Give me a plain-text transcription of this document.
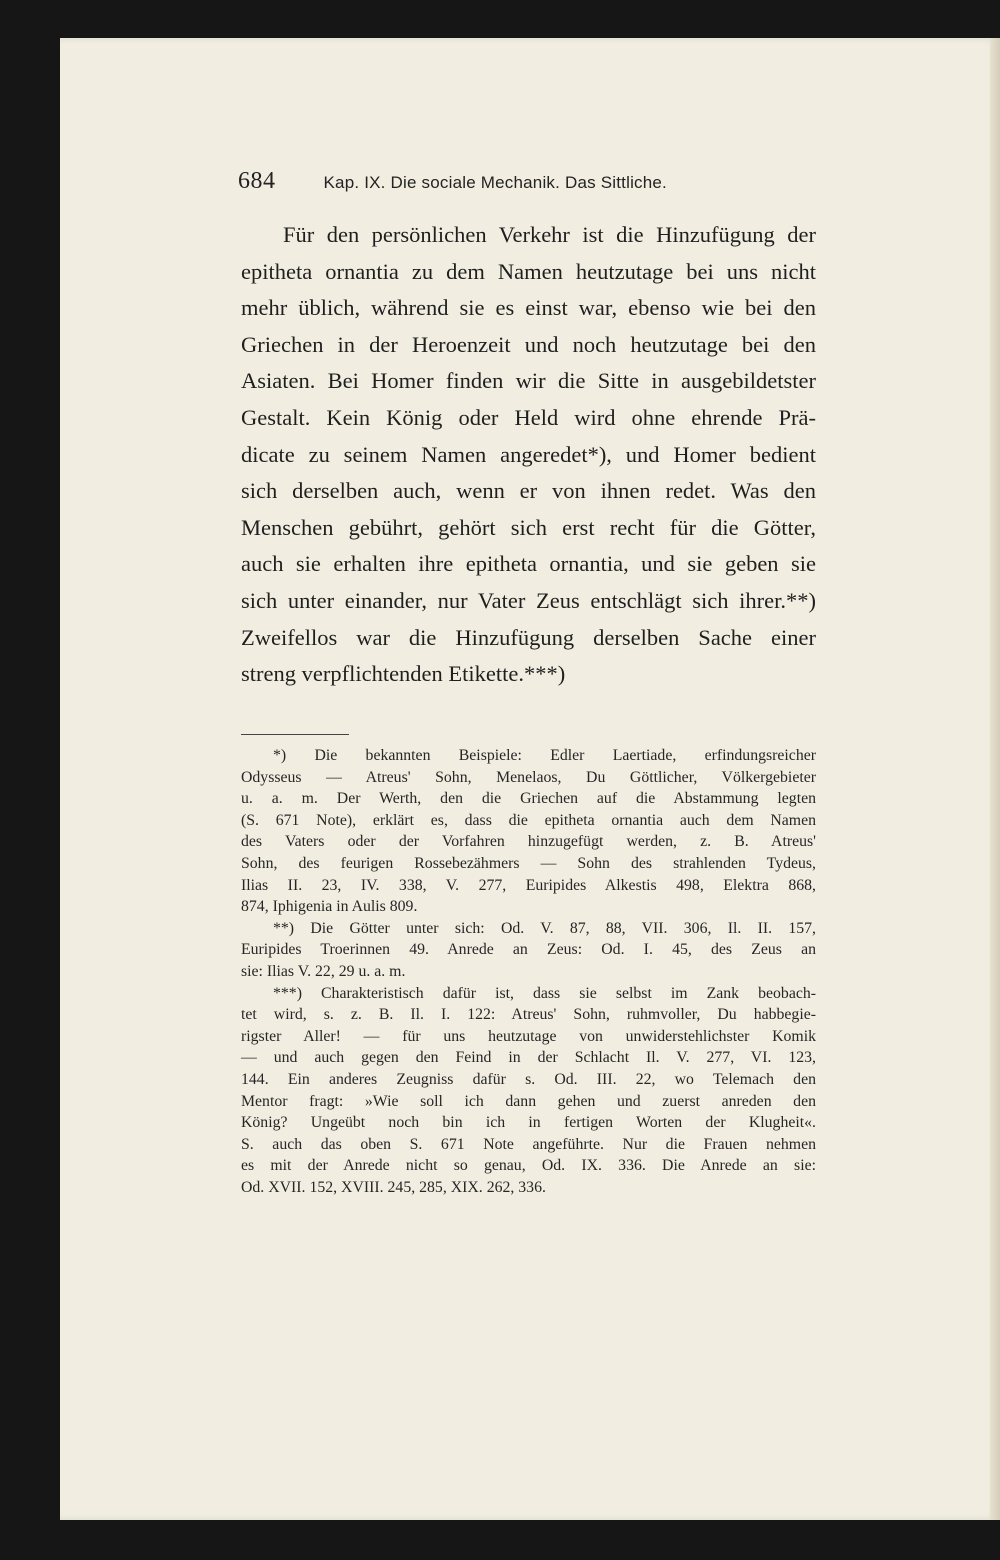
684	Kap. IX. Die sociale Mechanik. Das Sittliche.
Für den persönlichen Verkehr ist die Hinzufügung der
epitheta ornantia zu dem Namen heutzutage bei uns nicht
mehr üblich, während sie es einst war, ebenso wie bei den
Griechen in der Heroenzeit und noch heutzutage bei den
Asiaten. Bei Homer finden wir die Sitte in ausgebildetster
Gestalt. Kein König oder Held wird ohne ehrende Prä-
dicate zu seinem Namen angeredet*), und Homer bedient
sich derselben auch, wenn er von ihnen redet. Was den
Menschen gebührt, gehört sich erst recht für die Götter,
auch sie erhalten ihre epitheta ornantia, und sie geben sie
sich unter einander, nur Vater Zeus entschlägt sich ihrer.**)
Zweifellos war die Hinzufügung derselben Sache einer
streng verpflichtenden Etikette.***)
*) Die bekannten Beispiele: Edler Laertiade, erfindungsreicher
Odysseus — Atreus' Sohn, Menelaos, Du Göttlicher, Völkergebieter
u. a. m. Der Werth, den die Griechen auf die Abstammung legten
(S. 671 Note), erklärt es, dass die epitheta ornantia auch dem Namen
des Vaters oder der Vorfahren hinzugefügt werden, z. B. Atreus'
Sohn, des feurigen Rossebezähmers — Sohn des strahlenden Tydeus,
Ilias II. 23, IV. 338, V. 277, Euripides Alkestis 498, Elektra 868,
874, Iphigenia in Aulis 809.
**) Die Götter unter sich: Od. V. 87, 88, VII. 306, Il. II. 157,
Euripides Troerinnen 49. Anrede an Zeus: Od. I. 45, des Zeus an
sie: Ilias V. 22, 29 u. a. m.
***) Charakteristisch dafür ist, dass sie selbst im Zank beobach-
tet wird, s. z. B. Il. I. 122: Atreus' Sohn, ruhmvoller, Du habbegie-
rigster Aller! — für uns heutzutage von unwiderstehlichster Komik
— und auch gegen den Feind in der Schlacht Il. V. 277, VI. 123,
144. Ein anderes Zeugniss dafür s. Od. III. 22, wo Telemach den
Mentor fragt: »Wie soll ich dann gehen und zuerst anreden den
König? Ungeübt noch bin ich in fertigen Worten der Klugheit«.
S. auch das oben S. 671 Note angeführte. Nur die Frauen nehmen
es mit der Anrede nicht so genau, Od. IX. 336. Die Anrede an sie:
Od. XVII. 152, XVIII. 245, 285, XIX. 262, 336.
